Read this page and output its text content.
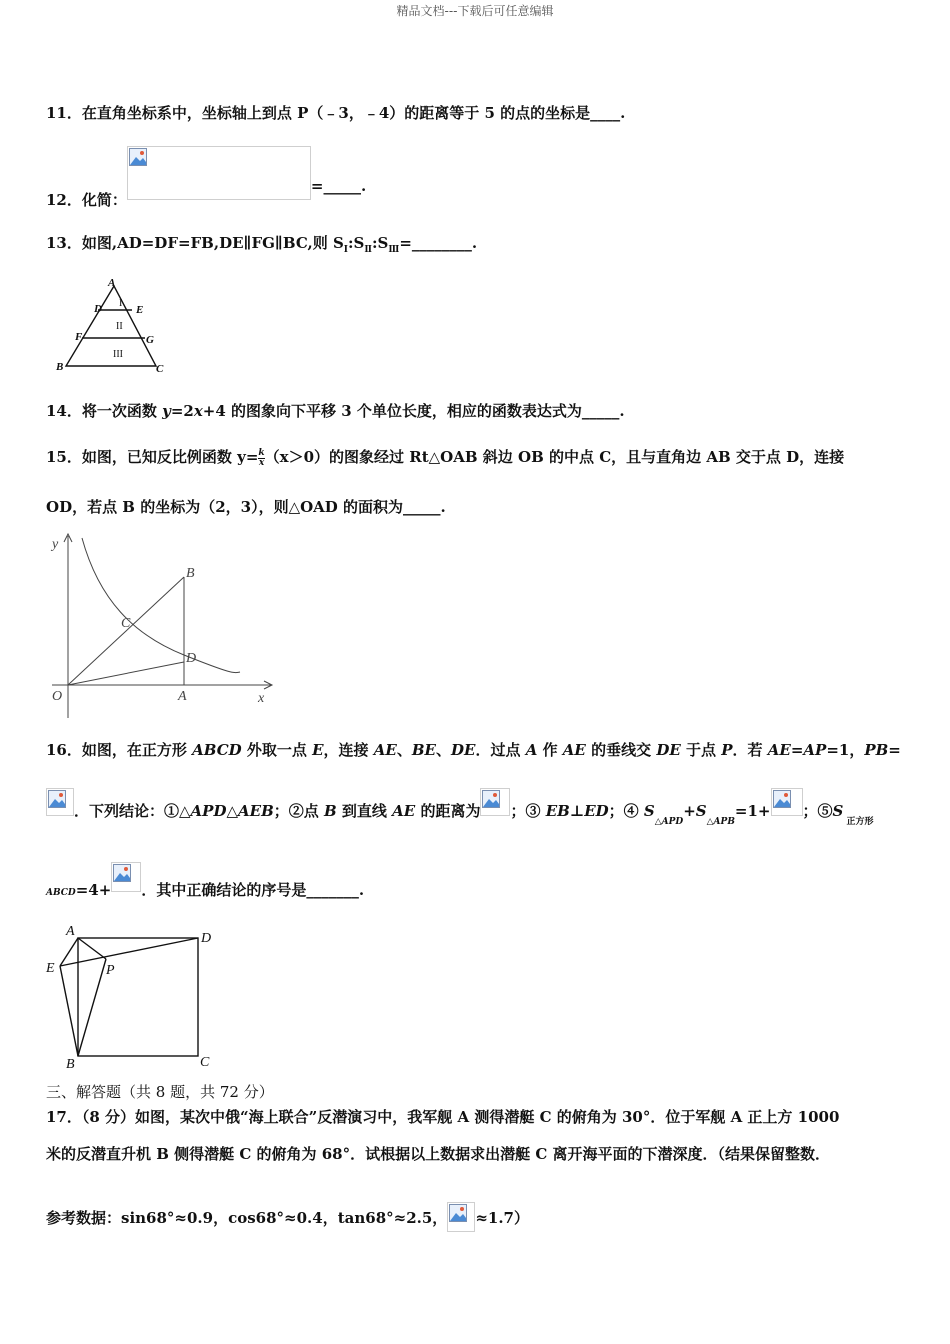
精品文档---下载后可任意编辑
11．在直角坐标系中，坐标轴上到点 P（﹣3，﹣4）的距离等于 5 的点的坐标是____.
12．化简：
=_____.
13．如图,AD=DF=FB,DE∥FG∥BC,则 $S_Ⅰ:S_Ⅱ:S_Ⅲ=\_\_\_\_\_\_\_\_$.
A
D	E
F	G
B	C
I
II
III
14．将一次函数 y=2x+4 的图象向下平移 3 个单位长度，相应的函数表达式为_____.
15．如图，已知反比例函数 $y= \frac{k}{x} (x>0)$的图象经过 Rt△OAB 斜边 OB 的中点 C，且与直角边 AB 交于点 D，连接
OD，若点 B 的坐标为（2，3），则△OAD 的面积为_____.
y
B
C
D
O	A	x
16．如图，在正方形 ABCD 外取一点 E，连接 AE、BE、DE．过点 A 作 AE 的垂线交 DE 于点 P．若 AE=AP=1，PB=
．下列结论：①△APD△AEB；②点 B 到直线 AE 的距离为 ；③ EB⊥ED；④ $S_{\triangle APD}+S_{\triangle APB}=1+$ ；⑤S $_{正方形}$
$_{ABCD}$=4+ ．其中正确结论的序号是_______.
A	D
E	P
B	C
三、解答题（共 8 题，共 72 分）
17．（8 分）如图，某次中俄“海上联合”反潜演习中，我军舰 A 测得潜艇 C 的俯角为 30°．位于军舰 A 正上方 1000
米的反潜直升机 B 侧得潜艇 C 的俯角为 68°．试根据以上数据求出潜艇 C 离开海平面的下潜深度．（结果保留整数．
参考数据：sin68°≈0.9，cos68°≈0.4，tan68°≈2.5， ≈1.7）
